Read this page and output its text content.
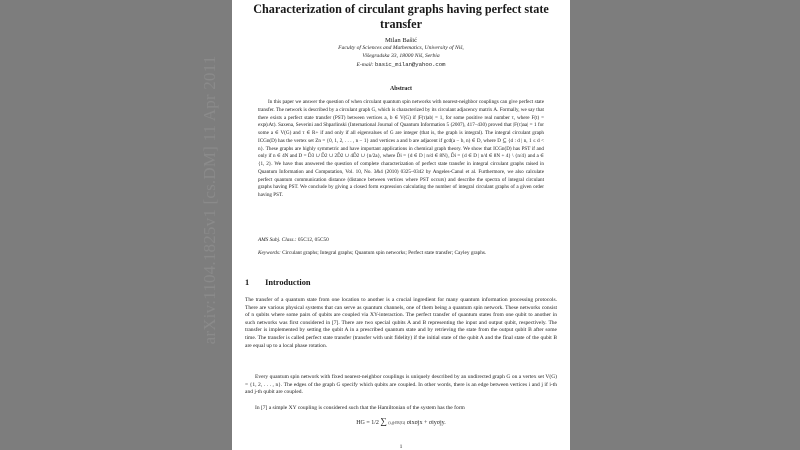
arXiv:1104.1825v1 [cs.DM] 11 Apr 2011
Characterization of circulant graphs having perfect state transfer
Milan Bašić
Faculty of Sciences and Mathematics, University of Niš,
Višegradska 33, 18000 Niš, Serbia
E-mail: basic_milan@yahoo.com
Abstract
In this paper we answer the question of when circulant quantum spin networks with nearest-neighbor couplings can give perfect state transfer. The network is described by a circulant graph G, which is characterized by its circulant adjacency matrix A. Formally, we say that there exists a perfect state transfer (PST) between vertices a, b ∈ V(G) if |F(τ)ab| = 1, for some positive real number τ, where F(t) = exp(ıAt). Saxena, Severini and Shparlinski (International Journal of Quantum Information 5 (2007), 417–430) proved that |F(τ)aa| = 1 for some a ∈ V(G) and τ ∈ R+ if and only if all eigenvalues of G are integer (that is, the graph is integral). The integral circulant graph ICGn(D) has the vertex set Zn = {0, 1, 2, . . . , n − 1} and vertices a and b are adjacent if gcd(a − b, n) ∈ D, where D ⊆ {d : d | n, 1 ≤ d < n}. These graphs are highly symmetric and have important applications in chemical graph theory. We show that ICGn(D) has PST if and only if n ∈ 4N and D = D̃3 ∪ D̃2 ∪ 2D̃2 ∪ 4D̃2 ∪ {n/2a}, where D̃i = {d ∈ D | n/d ∈ 8N}, D̃i = {d ∈ D | n/d ∈ 8N + 4} \ {n/4} and a ∈ {1, 2}. We have thus answered the question of complete characterization of perfect state transfer in integral circulant graphs raised in Quantum Information and Computation, Vol. 10, No. 3&4 (2010) 0325–0342 by Angeles-Canul et al. Furthermore, we also calculate perfect quantum communication distance (distance between vertices where PST occurs) and describe the spectra of integral circulant graphs having PST. We conclude by giving a closed form expression calculating the number of integral circulant graphs of a given order having PST.
AMS Subj. Class.: 05C12, 05C50
Keywords: Circulant graphs; Integral graphs; Quantum spin networks; Perfect state transfer; Cayley graphs.
1 Introduction
The transfer of a quantum state from one location to another is a crucial ingredient for many quantum information processing protocols. There are various physical systems that can serve as quantum channels, one of them being a quantum spin network. These networks consist of n qubits where some pairs of qubits are coupled via XY-interaction. The perfect transfer of quantum states from one qubit to another in such networks was first considered in [7]. There are two special qubits A and B representing the input and output qubit, respectively. The transfer is implemented by setting the qubit A in a prescribed quantum state and by retrieving the state from the output qubit B after some time. The transfer is called perfect state transfer (transfer with unit fidelity) if the initial state of the qubit A and the final state of the qubit B are equal up to a local phase rotation.
Every quantum spin network with fixed nearest-neighbor couplings is uniquely described by an undirected graph G on a vertex set V(G) = {1, 2, . . . , n}. The edges of the graph G specify which qubits are coupled. In other words, there is an edge between vertices i and j if i-th and j-th qubit are coupled.
In [7] a simple XY coupling is considered such that the Hamiltonian of the system has the form
HG = 1/2 ∑ (i,j)∈E(G) σixσjx + σiyσjy.
1
